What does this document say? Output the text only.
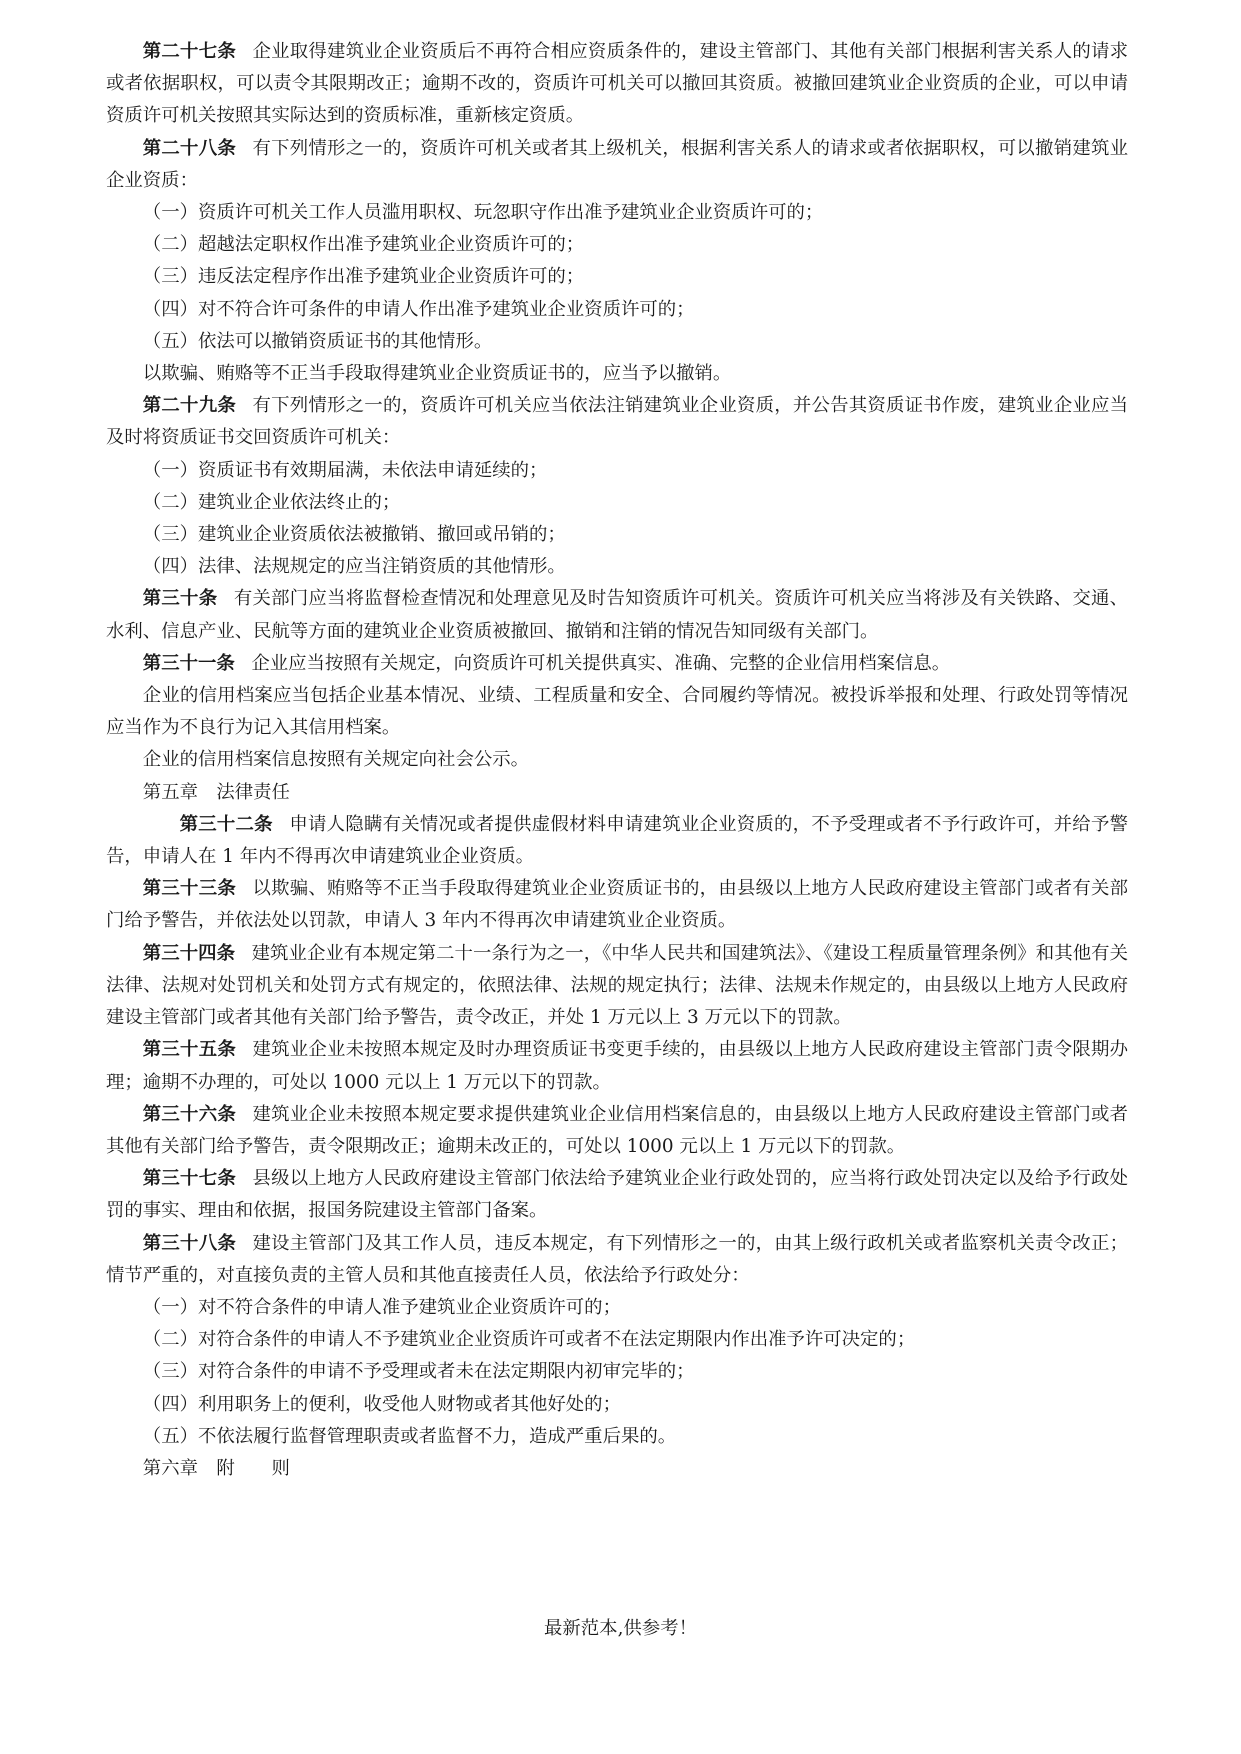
第二十七条 企业取得建筑业企业资质后不再符合相应资质条件的，建设主管部门、其他有关部门根据利害关系人的请求或者依据职权，可以责令其限期改正；逾期不改的，资质许可机关可以撤回其资质。被撤回建筑业企业资质的企业，可以申请资质许可机关按照其实际达到的资质标准，重新核定资质。

第二十八条 有下列情形之一的，资质许可机关或者其上级机关，根据利害关系人的请求或者依据职权，可以撤销建筑业企业资质：

（一）资质许可机关工作人员滥用职权、玩忽职守作出准予建筑业企业资质许可的；

（二）超越法定职权作出准予建筑业企业资质许可的；

（三）违反法定程序作出准予建筑业企业资质许可的；

（四）对不符合许可条件的申请人作出准予建筑业企业资质许可的；

（五）依法可以撤销资质证书的其他情形。

以欺骗、贿赂等不正当手段取得建筑业企业资质证书的，应当予以撤销。

第二十九条 有下列情形之一的，资质许可机关应当依法注销建筑业企业资质，并公告其资质证书作废，建筑业企业应当及时将资质证书交回资质许可机关：

（一）资质证书有效期届满，未依法申请延续的；

（二）建筑业企业依法终止的；

（三）建筑业企业资质依法被撤销、撤回或吊销的；

（四）法律、法规规定的应当注销资质的其他情形。

第三十条 有关部门应当将监督检查情况和处理意见及时告知资质许可机关。资质许可机关应当将涉及有关铁路、交通、水利、信息产业、民航等方面的建筑业企业资质被撤回、撤销和注销的情况告知同级有关部门。

第三十一条 企业应当按照有关规定，向资质许可机关提供真实、准确、完整的企业信用档案信息。

企业的信用档案应当包括企业基本情况、业绩、工程质量和安全、合同履约等情况。被投诉举报和处理、行政处罚等情况应当作为不良行为记入其信用档案。

企业的信用档案信息按照有关规定向社会公示。

第五章　法律责任

第三十二条 申请人隐瞒有关情况或者提供虚假材料申请建筑业企业资质的，不予受理或者不予行政许可，并给予警告，申请人在 1 年内不得再次申请建筑业企业资质。

第三十三条 以欺骗、贿赂等不正当手段取得建筑业企业资质证书的，由县级以上地方人民政府建设主管部门或者有关部门给予警告，并依法处以罚款，申请人 3 年内不得再次申请建筑业企业资质。

第三十四条 建筑业企业有本规定第二十一条行为之一，《中华人民共和国建筑法》、《建设工程质量管理条例》和其他有关法律、法规对处罚机关和处罚方式有规定的，依照法律、法规的规定执行；法律、法规未作规定的，由县级以上地方人民政府建设主管部门或者其他有关部门给予警告，责令改正，并处 1 万元以上 3 万元以下的罚款。

第三十五条 建筑业企业未按照本规定及时办理资质证书变更手续的，由县级以上地方人民政府建设主管部门责令限期办理；逾期不办理的，可处以 1000 元以上 1 万元以下的罚款。

第三十六条 建筑业企业未按照本规定要求提供建筑业企业信用档案信息的，由县级以上地方人民政府建设主管部门或者其他有关部门给予警告，责令限期改正；逾期未改正的，可处以 1000 元以上 1 万元以下的罚款。

第三十七条 县级以上地方人民政府建设主管部门依法给予建筑业企业行政处罚的，应当将行政处罚决定以及给予行政处罚的事实、理由和依据，报国务院建设主管部门备案。

第三十八条 建设主管部门及其工作人员，违反本规定，有下列情形之一的，由其上级行政机关或者监察机关责令改正；情节严重的，对直接负责的主管人员和其他直接责任人员，依法给予行政处分：

（一）对不符合条件的申请人准予建筑业企业资质许可的；

（二）对符合条件的申请人不予建筑业企业资质许可或者不在法定期限内作出准予许可决定的；

（三）对符合条件的申请不予受理或者未在法定期限内初审完毕的；

（四）利用职务上的便利，收受他人财物或者其他好处的；

（五）不依法履行监督管理职责或者监督不力，造成严重后果的。

第六章　附　　则

最新范本,供参考！
